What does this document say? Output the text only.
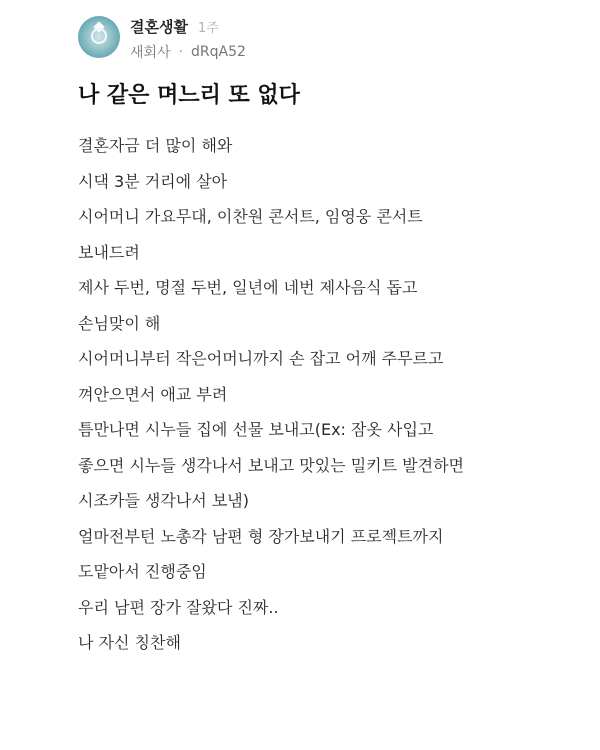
결혼생활 1주
새회사 · dRqA52
나 같은 며느리 또 없다
결혼자금 더 많이 해와
시댁 3분 거리에 살아
시어머니 가요무대, 이찬원 콘서트, 임영웅 콘서트
보내드려
제사 두번, 명절 두번, 일년에 네번 제사음식 돕고
손님맞이 해
시어머니부터 작은어머니까지 손 잡고 어깨 주무르고
껴안으면서 애교 부려
틈만나면 시누들 집에 선물 보내고(Ex: 잠옷 사입고
좋으면 시누들 생각나서 보내고 맛있는 밀키트 발견하면
시조카들 생각나서 보냄)
얼마전부턴 노총각 남편 형 장가보내기 프로젝트까지
도맡아서 진행중임
우리 남편 장가 잘왔다 진짜..
나 자신 칭찬해
